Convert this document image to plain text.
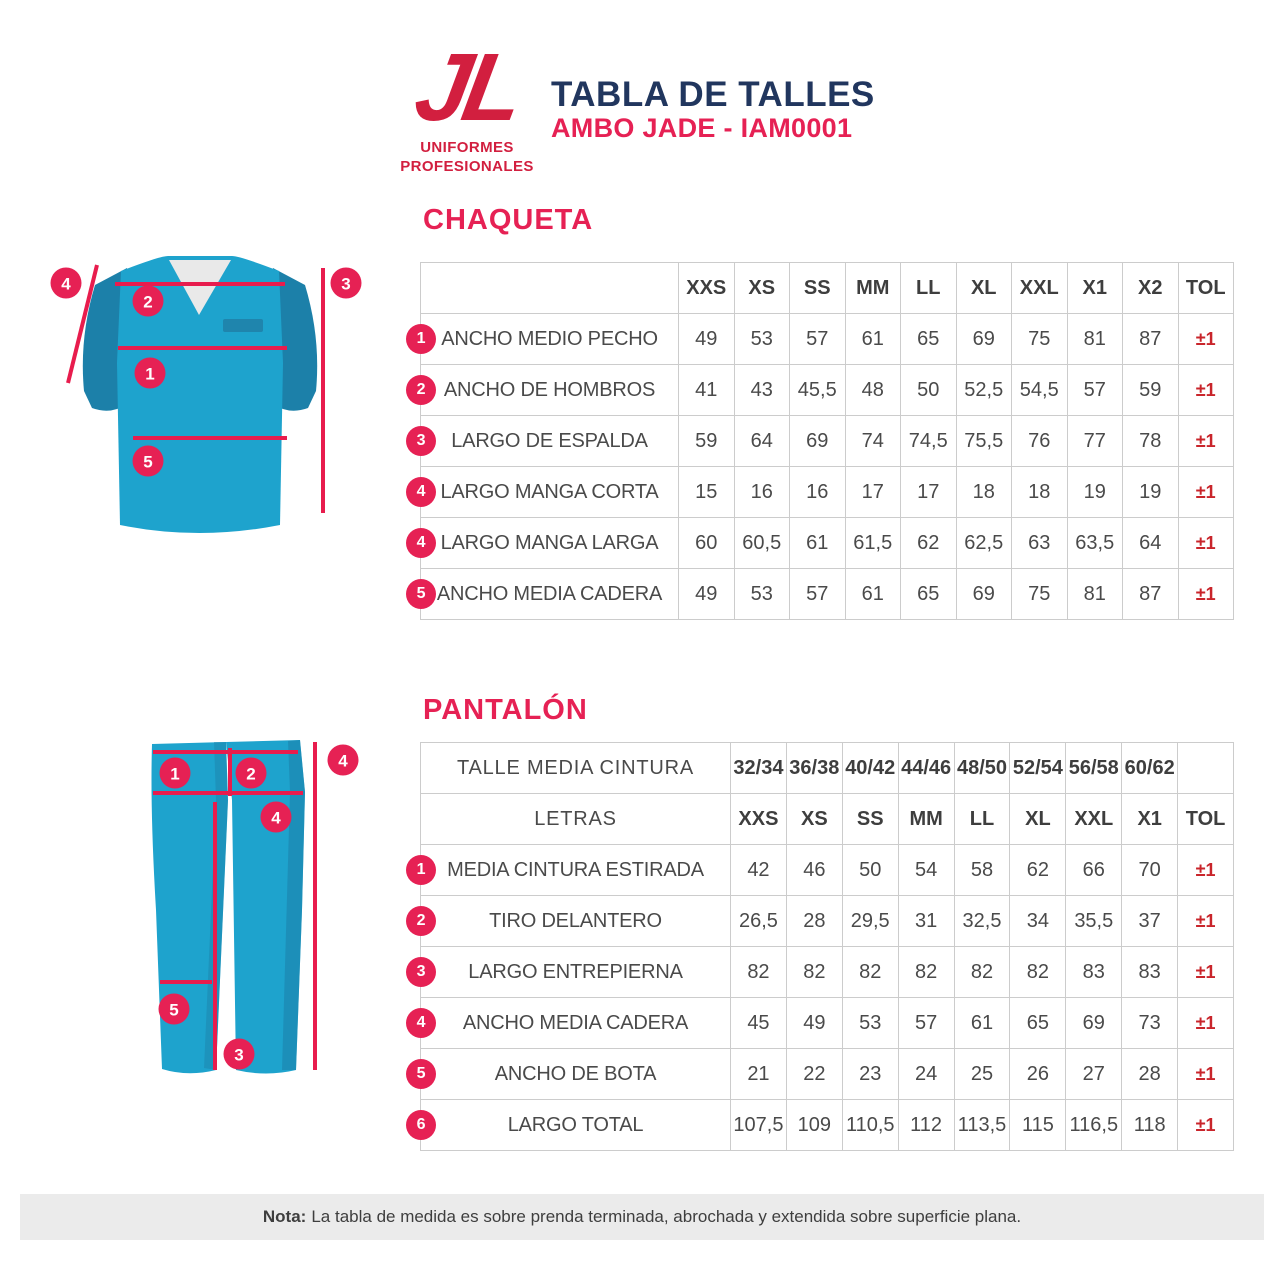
JL
UNIFORMES
PROFESIONALES
TABLA DE TALLES
AMBO JADE - IAM0001
CHAQUETA
4
2
1
5
3
		XXS	XS	SS	MM	LL	XL	XXL	X1	X2	TOL

1 ANCHO MEDIO PECHO	49	53	57	61	65	69	75	81	87	±1

2 ANCHO DE HOMBROS	41	43	45,5	48	50	52,5	54,5	57	59	±1

3 LARGO DE ESPALDA	59	64	69	74	74,5	75,5	76	77	78	±1

4 LARGO MANGA CORTA	15	16	16	17	17	18	18	19	19	±1

4 LARGO MANGA LARGA	60	60,5	61	61,5	62	62,5	63	63,5	64	±1

5 ANCHO MEDIA CADERA	49	53	57	61	65	69	75	81	87	±1
PANTALÓN
1	2
4
4
5
3
TALLE MEDIA CINTURA	32/34	36/38	40/42	44/46	48/50	52/54	56/58	60/62	
LETRAS	XXS	XS	SS	MM	LL	XL	XXL	X1	TOL

1 MEDIA CINTURA ESTIRADA	42	46	50	54	58	62	66	70	±1

2 TIRO DELANTERO	26,5	28	29,5	31	32,5	34	35,5	37	±1

3 LARGO ENTREPIERNA	82	82	82	82	82	82	83	83	±1

4 ANCHO MEDIA CADERA	45	49	53	57	61	65	69	73	±1

5 ANCHO DE BOTA	21	22	23	24	25	26	27	28	±1

6 LARGO TOTAL	107,5	109	110,5	112	113,5	115	116,5	118	±1
Nota: La tabla de medida es sobre prenda terminada, abrochada y extendida sobre superficie plana.
